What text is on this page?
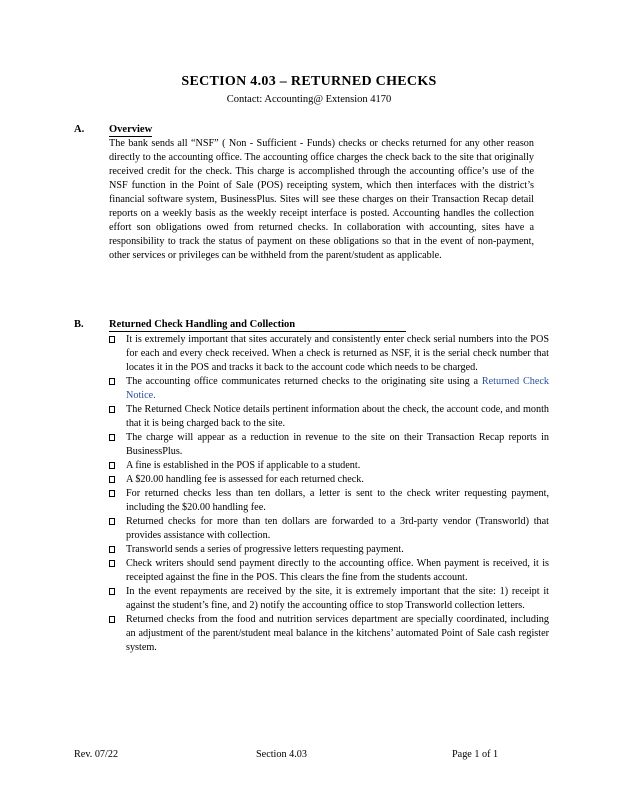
SECTION 4.03 – RETURNED CHECKS
Contact: Accounting@ Extension 4170
A. Overview
The bank sends all “NSF” ( Non - Sufficient - Funds) checks or checks returned for any other reason directly to the accounting office. The accounting office charges the check back to the site that originally received credit for the check. This charge is accomplished through the accounting office’s use of the NSF function in the Point of Sale (POS) receipting system, which then interfaces with the district’s financial software system, BusinessPlus. Sites will see these charges on their Transaction Recap detail reports on a weekly basis as the weekly receipt interface is posted. Accounting handles the collection effort son obligations owed from returned checks. In collaboration with accounting, sites have a responsibility to track the status of payment on these obligations so that in the event of non-payment, other services or privileges can be withheld from the parent/student as applicable.
B. Returned Check Handling and Collection
It is extremely important that sites accurately and consistently enter check serial numbers into the POS for each and every check received. When a check is returned as NSF, it is the serial check number that locates it in the POS and tracks it back to the account code which needs to be charged.
The accounting office communicates returned checks to the originating site using a Returned Check Notice.
The Returned Check Notice details pertinent information about the check, the account code, and month that it is being charged back to the site.
The charge will appear as a reduction in revenue to the site on their Transaction Recap reports in BusinessPlus.
A fine is established in the POS if applicable to a student.
A $20.00 handling fee is assessed for each returned check.
For returned checks less than ten dollars, a letter is sent to the check writer requesting payment, including the $20.00 handling fee.
Returned checks for more than ten dollars are forwarded to a 3rd-party vendor (Transworld) that provides assistance with collection.
Transworld sends a series of progressive letters requesting payment.
Check writers should send payment directly to the accounting office. When payment is received, it is receipted against the fine in the POS. This clears the fine from the students account.
In the event repayments are received by the site, it is extremely important that the site: 1) receipt it against the student’s fine, and 2) notify the accounting office to stop Transworld collection letters.
Returned checks from the food and nutrition services department are specially coordinated, including an adjustment of the parent/student meal balance in the kitchens’ automated Point of Sale cash register system.
Rev. 07/22	Section 4.03	Page 1 of 1
